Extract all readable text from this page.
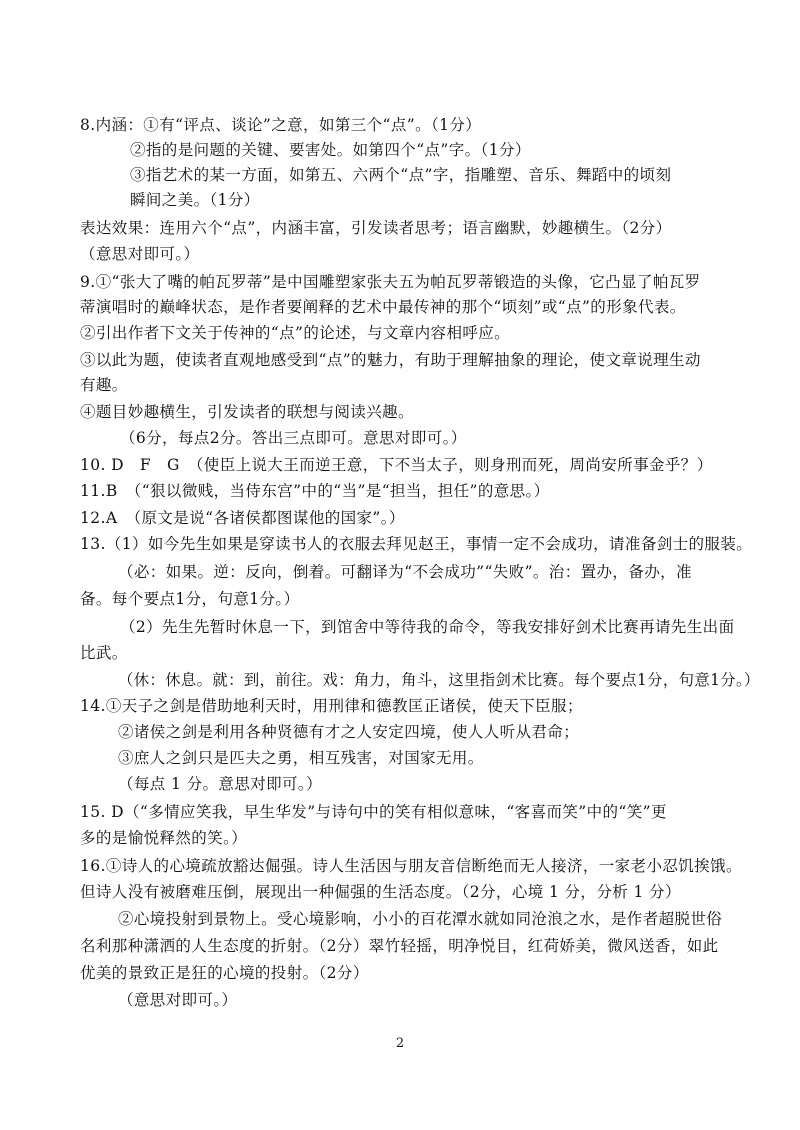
8.内涵：①有“评点、谈论”之意，如第三个“点”。（1分）
②指的是问题的关键、要害处。如第四个“点”字。（1分）
③指艺术的某一方面，如第五、六两个“点”字，指雕塑、音乐、舞蹈中的顷刻
瞬间之美。（1分）
表达效果：连用六个“点”，内涵丰富，引发读者思考；语言幽默，妙趣横生。（2分）
（意思对即可。）
9.①“张大了嘴的帕瓦罗蒂”是中国雕塑家张夫五为帕瓦罗蒂锻造的头像，它凸显了帕瓦罗
蒂演唱时的巅峰状态，是作者要阐释的艺术中最传神的那个“顷刻”或“点”的形象代表。
②引出作者下文关于传神的“点”的论述，与文章内容相呼应。
③以此为题，使读者直观地感受到“点”的魅力，有助于理解抽象的理论，使文章说理生动
有趣。
④题目妙趣横生，引发读者的联想与阅读兴趣。
（6分，每点2分。答出三点即可。意思对即可。）
10. D　F　G　（使臣上说大王而逆王意，下不当太子，则身刑而死，周尚安所事金乎？）
11.B　（“狠以微贱，当侍东宫”中的“当”是“担当，担任”的意思。）
12.A　（原文是说“各诸侯都图谋他的国家”。）
13.（1）如今先生如果是穿读书人的衣服去拜见赵王，事情一定不会成功，请准备剑士的服装。
（必：如果。逆：反向，倒着。可翻译为“不会成功”“失败”。治：置办，备办，准
备。每个要点1分，句意1分。）
（2）先生先暂时休息一下，到馆舍中等待我的命令，等我安排好剑术比赛再请先生出面
比武。
（休：休息。就：到，前往。戏：角力，角斗，这里指剑术比赛。每个要点1分，句意1分。）
14.①天子之剑是借助地利天时，用刑律和德教匡正诸侯，使天下臣服；
②诸侯之剑是利用各种贤德有才之人安定四境，使人人听从君命；
③庶人之剑只是匹夫之勇，相互残害，对国家无用。
（每点 1 分。意思对即可。）
15. D（“多情应笑我，早生华发”与诗句中的笑有相似意味，“客喜而笑”中的“笑”更
多的是愉悦释然的笑。）
16.①诗人的心境疏放豁达倔强。诗人生活因与朋友音信断绝而无人接济，一家老小忍饥挨饿。
但诗人没有被磨难压倒，展现出一种倔强的生活态度。（2分，心境 1 分，分析 1 分）
②心境投射到景物上。受心境影响，小小的百花潭水就如同沧浪之水，是作者超脱世俗
名利那种潇洒的人生态度的折射。（2分）翠竹轻摇，明净悦目，红荷娇美，微风送香，如此
优美的景致正是狂的心境的投射。（2分）
（意思对即可。）
2
